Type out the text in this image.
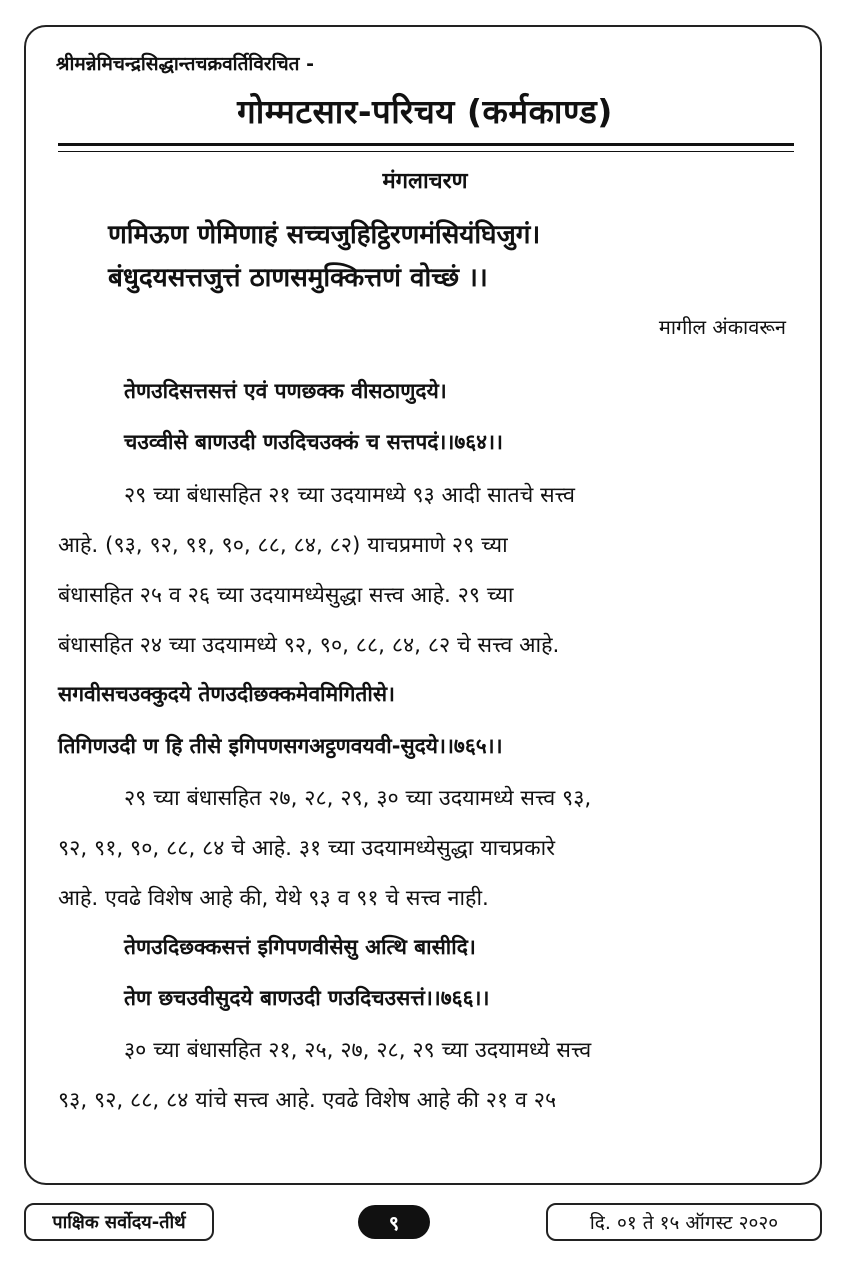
श्रीमन्नेमिचन्द्रसिद्धान्तचक्रवर्तिविरचित -
गोम्मटसार-परिचय (कर्मकाण्ड)
मंगलाचरण
णमिऊण णेमिणाहं सच्चजुहिट्ठिरणमंसियंघिजुगं।
बंधुदयसत्तजुत्तं ठाणसमुक्कित्तणं वोच्छं ।।
मागील अंकावरून
तेणउदिसत्तसत्तं एवं पणछक्क वीसठाणुदये।
चउव्वीसे बाणउदी णउदिचउक्कं च सत्तपदं।।७६४।।
२९ च्या बंधासहित २१ च्या उदयामध्ये ९३ आदी सातचे सत्त्व
आहे. (९३, ९२, ९१, ९०, ८८, ८४, ८२) याचप्रमाणे २९ च्या
बंधासहित २५ व २६ च्या उदयामध्येसुद्धा सत्त्व आहे. २९ च्या
बंधासहित २४ च्या उदयामध्ये ९२, ९०, ८८, ८४, ८२ चे सत्त्व आहे.
सगवीसचउक्कुदये तेणउदीछक्कमेवमिगितीसे।
तिगिणउदी ण हि तीसे इगिपणसगअट्ठणवयवी-सुदये।।७६५।।
२९ च्या बंधासहित २७, २८, २९, ३० च्या उदयामध्ये सत्त्व ९३,
९२, ९१, ९०, ८८, ८४ चे आहे. ३१ च्या उदयामध्येसुद्धा याचप्रकारे
आहे. एवढे विशेष आहे की, येथे ९३ व ९१ चे सत्त्व नाही.
तेणउदिछक्कसत्तं इगिपणवीसेसु अत्थि बासीदि।
तेण छचउवीसुदये बाणउदी णउदिचउसत्तं।।७६६।।
३० च्या बंधासहित २१, २५, २७, २८, २९ च्या उदयामध्ये सत्त्व
९३, ९२, ८८, ८४ यांचे सत्त्व आहे. एवढे विशेष आहे की २१ व २५
पाक्षिक सर्वोदय-तीर्थ	९	दि. ०१ ते १५ ऑगस्ट २०२०
